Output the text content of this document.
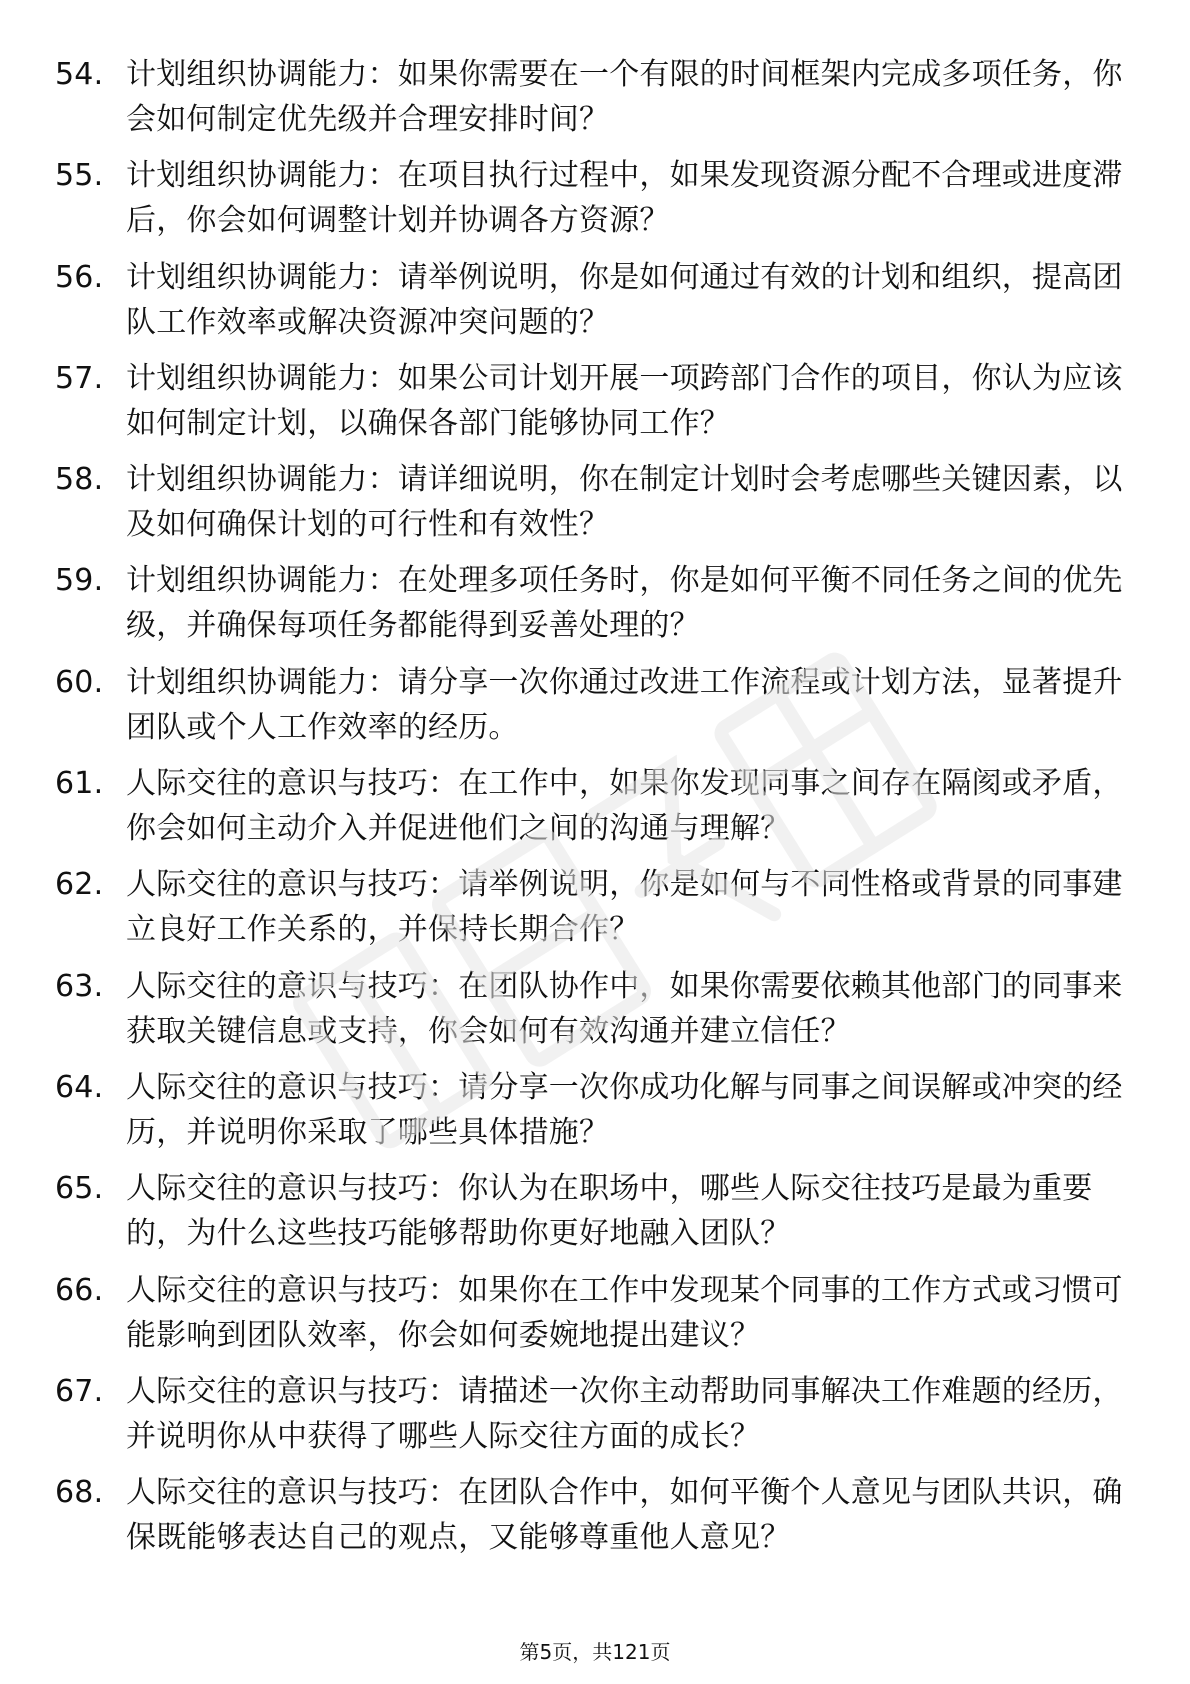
54. 计划组织协调能力：如果你需要在一个有限的时间框架内完成多项任务，你会如何制定优先级并合理安排时间？
55. 计划组织协调能力：在项目执行过程中，如果发现资源分配不合理或进度滞后，你会如何调整计划并协调各方资源？
56. 计划组织协调能力：请举例说明，你是如何通过有效的计划和组织，提高团队工作效率或解决资源冲突问题的？
57. 计划组织协调能力：如果公司计划开展一项跨部门合作的项目，你认为应该如何制定计划，以确保各部门能够协同工作？
58. 计划组织协调能力：请详细说明，你在制定计划时会考虑哪些关键因素，以及如何确保计划的可行性和有效性？
59. 计划组织协调能力：在处理多项任务时，你是如何平衡不同任务之间的优先级，并确保每项任务都能得到妥善处理的？
60. 计划组织协调能力：请分享一次你通过改进工作流程或计划方法，显著提升团队或个人工作效率的经历。
61. 人际交往的意识与技巧：在工作中，如果你发现同事之间存在隔阂或矛盾，你会如何主动介入并促进他们之间的沟通与理解？
62. 人际交往的意识与技巧：请举例说明，你是如何与不同性格或背景的同事建立良好工作关系的，并保持长期合作？
63. 人际交往的意识与技巧：在团队协作中，如果你需要依赖其他部门的同事来获取关键信息或支持，你会如何有效沟通并建立信任？
64. 人际交往的意识与技巧：请分享一次你成功化解与同事之间误解或冲突的经历，并说明你采取了哪些具体措施？
65. 人际交往的意识与技巧：你认为在职场中，哪些人际交往技巧是最为重要的，为什么这些技巧能够帮助你更好地融入团队？
66. 人际交往的意识与技巧：如果你在工作中发现某个同事的工作方式或习惯可能影响到团队效率，你会如何委婉地提出建议？
67. 人际交往的意识与技巧：请描述一次你主动帮助同事解决工作难题的经历，并说明你从中获得了哪些人际交往方面的成长？
68. 人际交往的意识与技巧：在团队合作中，如何平衡个人意见与团队共识，确保既能够表达自己的观点，又能够尊重他人意见？
第5页，共121页
